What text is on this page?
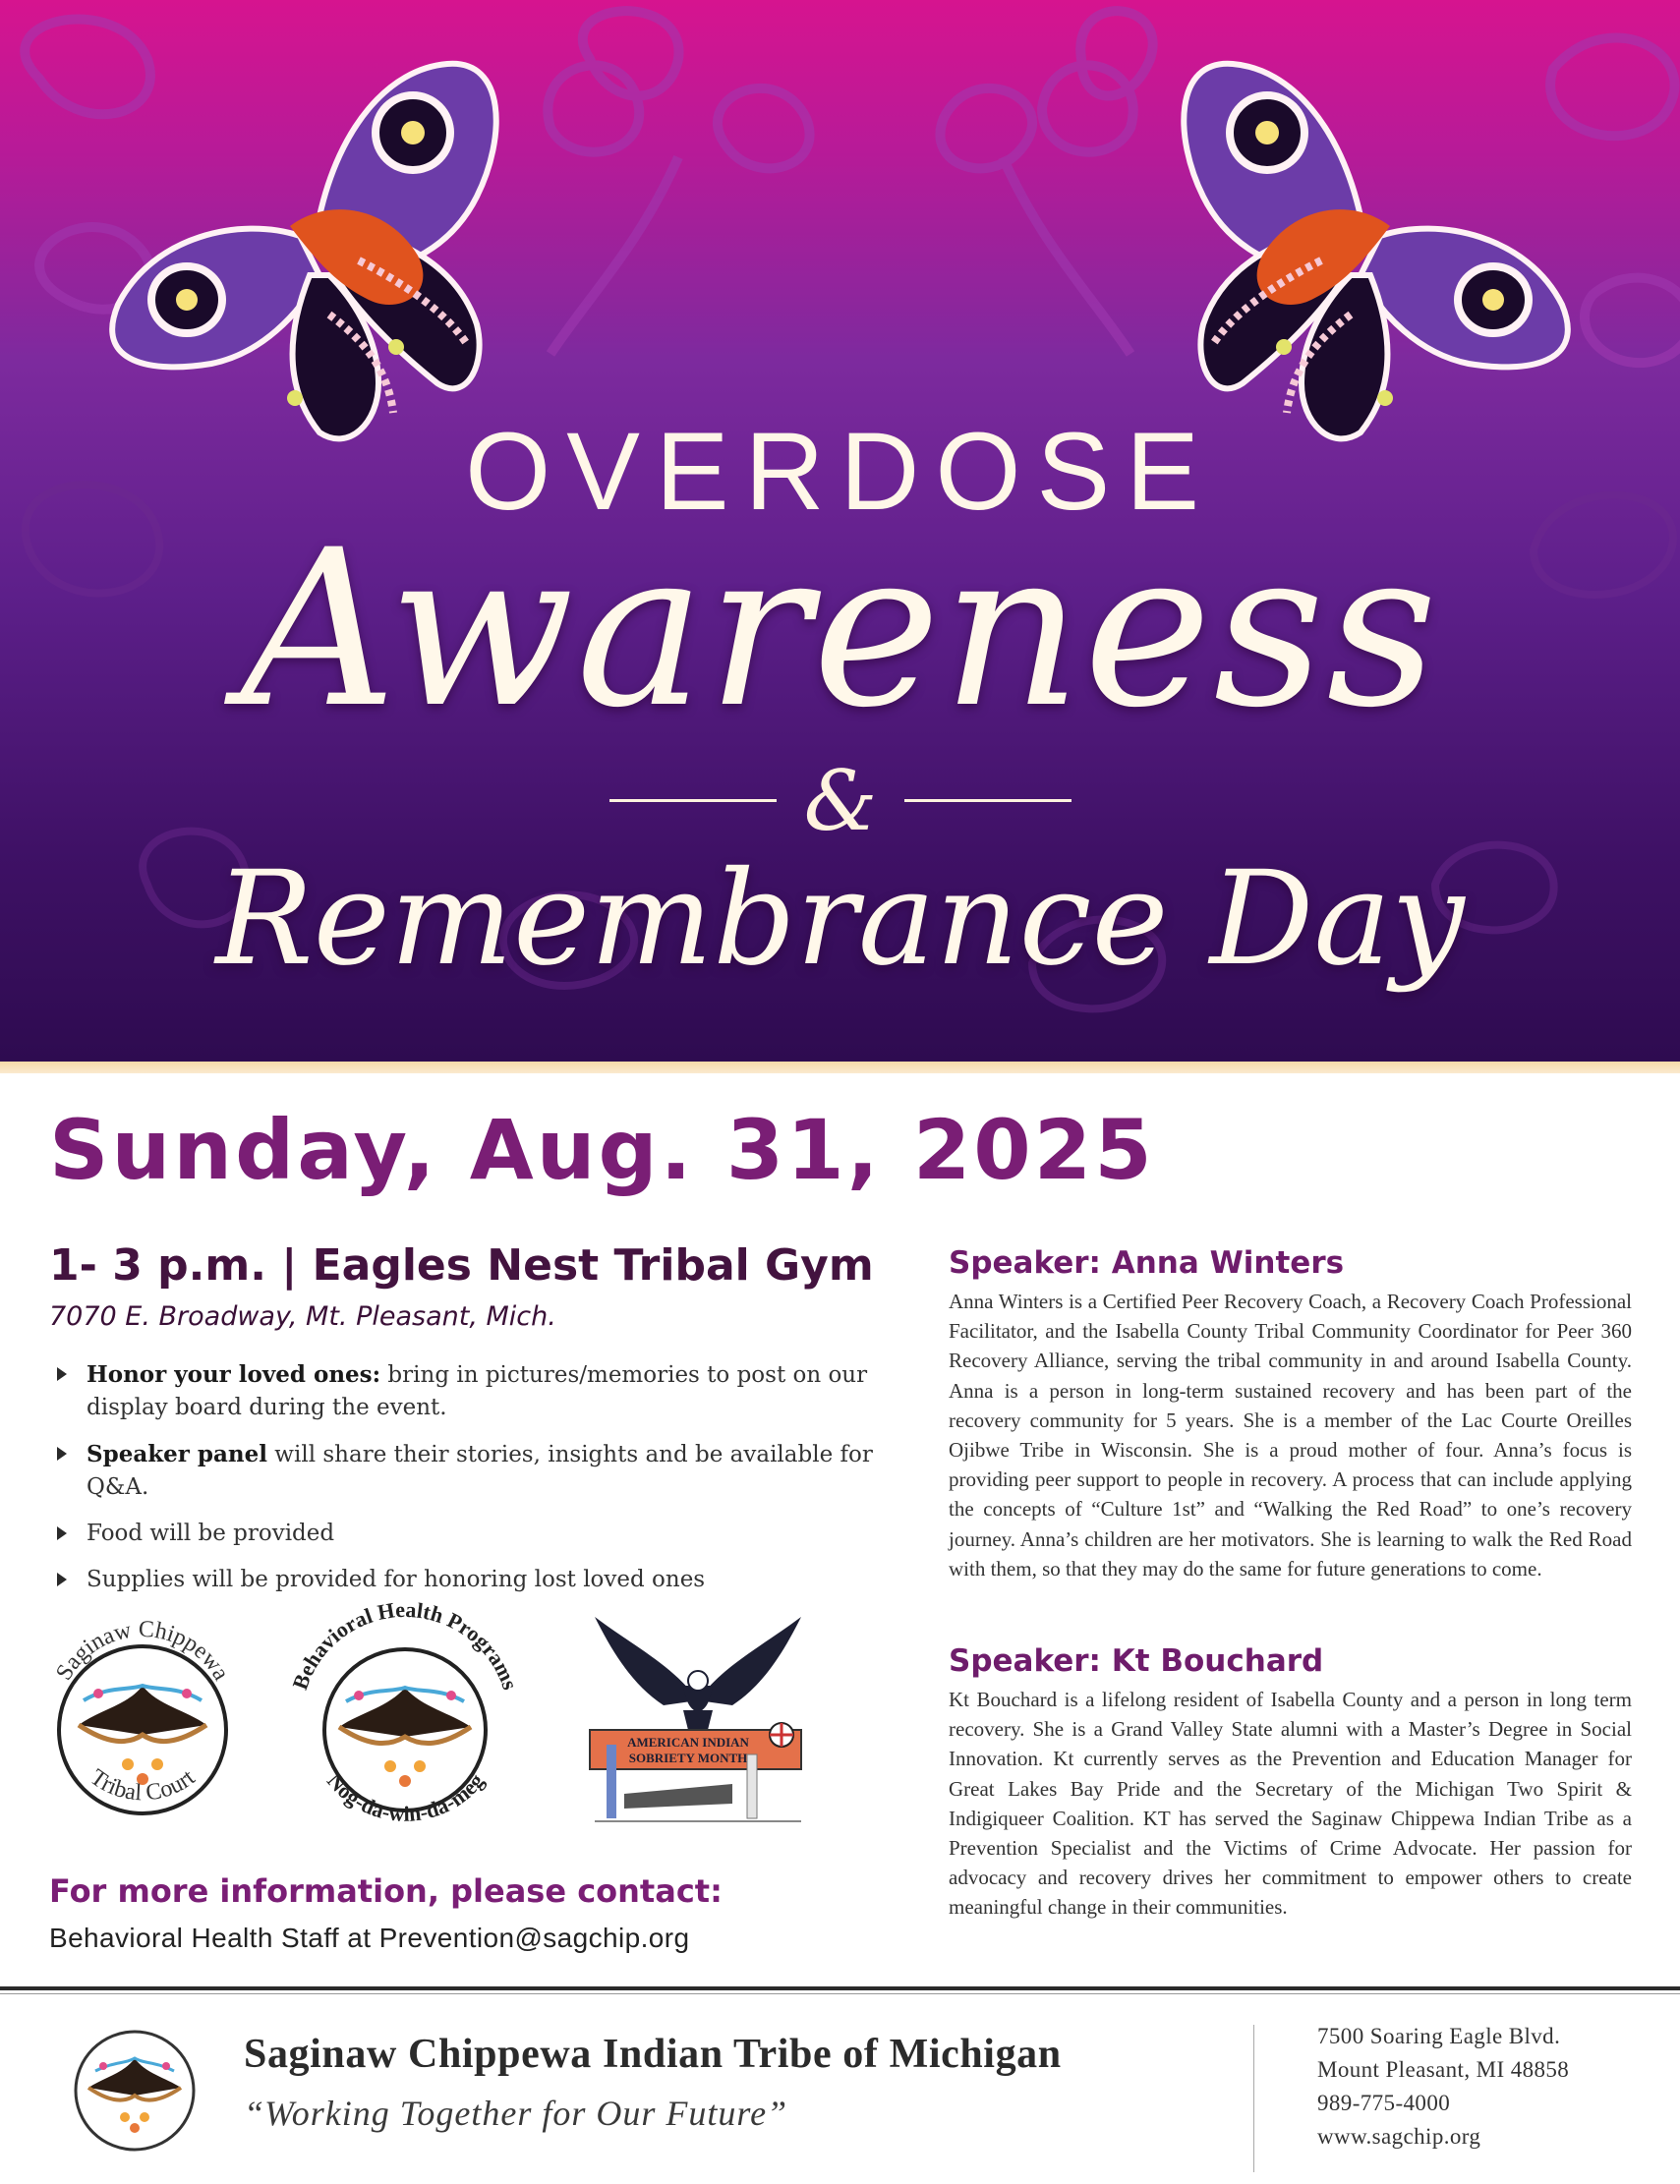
OVERDOSE
Awareness
&
Remembrance Day
Sunday, Aug. 31, 2025
1- 3 p.m. | Eagles Nest Tribal Gym
7070 E. Broadway, Mt. Pleasant, Mich.
Honor your loved ones: bring in pictures/memories to post on our display board during the event.
Speaker panel will share their stories, insights and be available for Q&A.
Food will be provided
Supplies will be provided for honoring lost loved ones
Saginaw Chippewa
Tribal Court
Behavioral Health Programs
Nog-da-win-da-meg
AMERICAN INDIAN
SOBRIETY MONTH
For more information, please contact:
Behavioral Health Staff at Prevention@sagchip.org
Speaker: Anna Winters

Anna Winters is a Certified Peer Recovery Coach, a Recovery Coach Professional Facilitator, and the Isabella County Tribal Community Coordinator for Peer 360 Recovery Alliance, serving the tribal community in and around Isabella County. Anna is a person in long-term sustained recovery and has been part of the recovery community for 5 years. She is a member of the Lac Courte Oreilles Ojibwe Tribe in Wisconsin. She is a proud mother of four. Anna’s focus is providing peer support to people in recovery. A process that can include applying the concepts of “Culture 1st” and “Walking the Red Road” to one’s recovery journey. Anna’s children are her motivators. She is learning to walk the Red Road with them, so that they may do the same for future generations to come.

Speaker: Kt Bouchard

Kt Bouchard is a lifelong resident of Isabella County and a person in long term recovery. She is a Grand Valley State alumni with a Master’s Degree in Social Innovation. Kt currently serves as the Prevention and Education Manager for Great Lakes Bay Pride and the Secretary of the Michigan Two Spirit & Indigiqueer Coalition. KT has served the Saginaw Chippewa Indian Tribe as a Prevention Specialist and the Victims of Crime Advocate. Her passion for advocacy and recovery drives her commitment to empower others to create meaningful change in their communities.

Saginaw Chippewa Indian Tribe of Michigan
“Working Together for Our Future”
7500 Soaring Eagle Blvd.
Mount Pleasant, MI 48858
989-775-4000
www.sagchip.org
